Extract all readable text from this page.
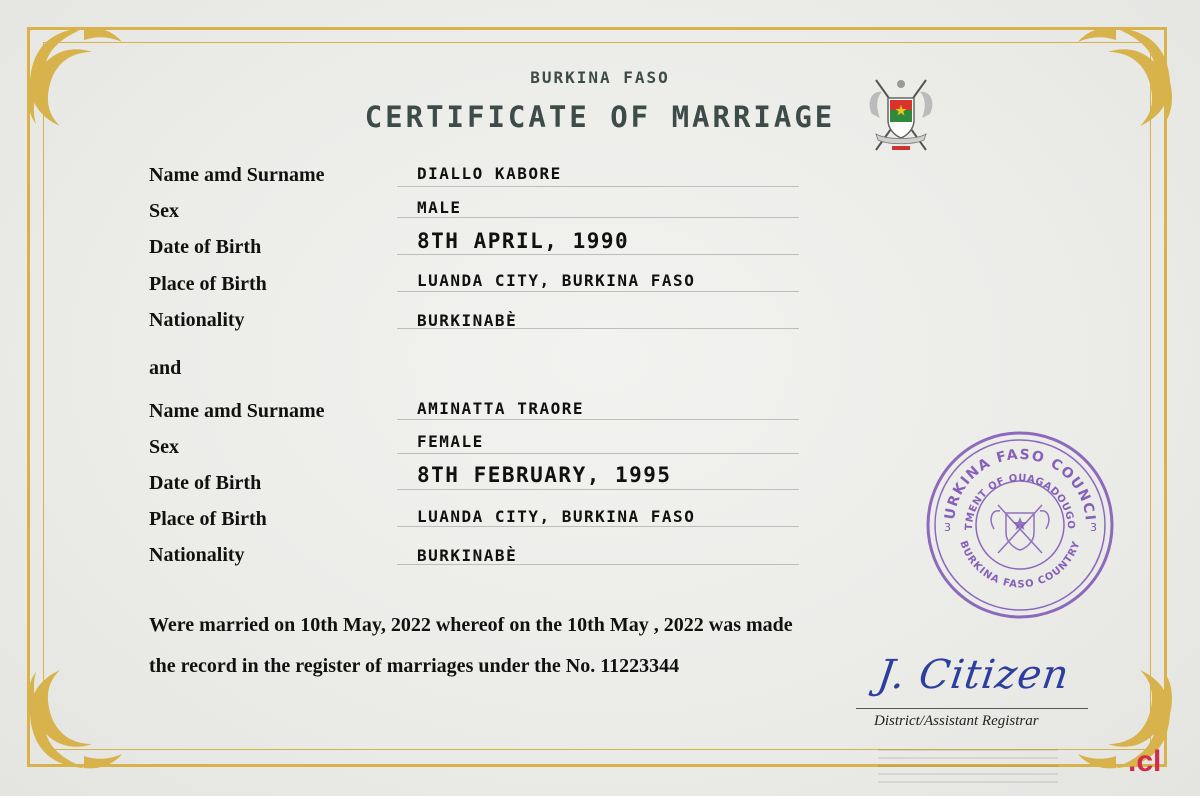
BURKINA FASO
CERTIFICATE OF MARRIAGE
Name amd Surname	DIALLO KABORE
Sex	MALE
Date of Birth	8TH APRIL, 1990
Place of Birth	LUANDA CITY, BURKINA FASO
Nationality	BURKINABÈ
and
Name amd Surname	AMINATTA TRAORE
Sex	FEMALE
Date of Birth	8TH FEBRUARY, 1995
Place of Birth	LUANDA CITY, BURKINA FASO
Nationality	BURKINABÈ
Were married on 10th May, 2022 whereof on the 10th May , 2022 was made
the record in the register of marriages under the No. 11223344
URKINA FASO COUNCI
TMENT OF OUAGADOUGO
BURKINA FASO COUNTRY
3	3
J. Citizen
District/Assistant Registrar
.cl
